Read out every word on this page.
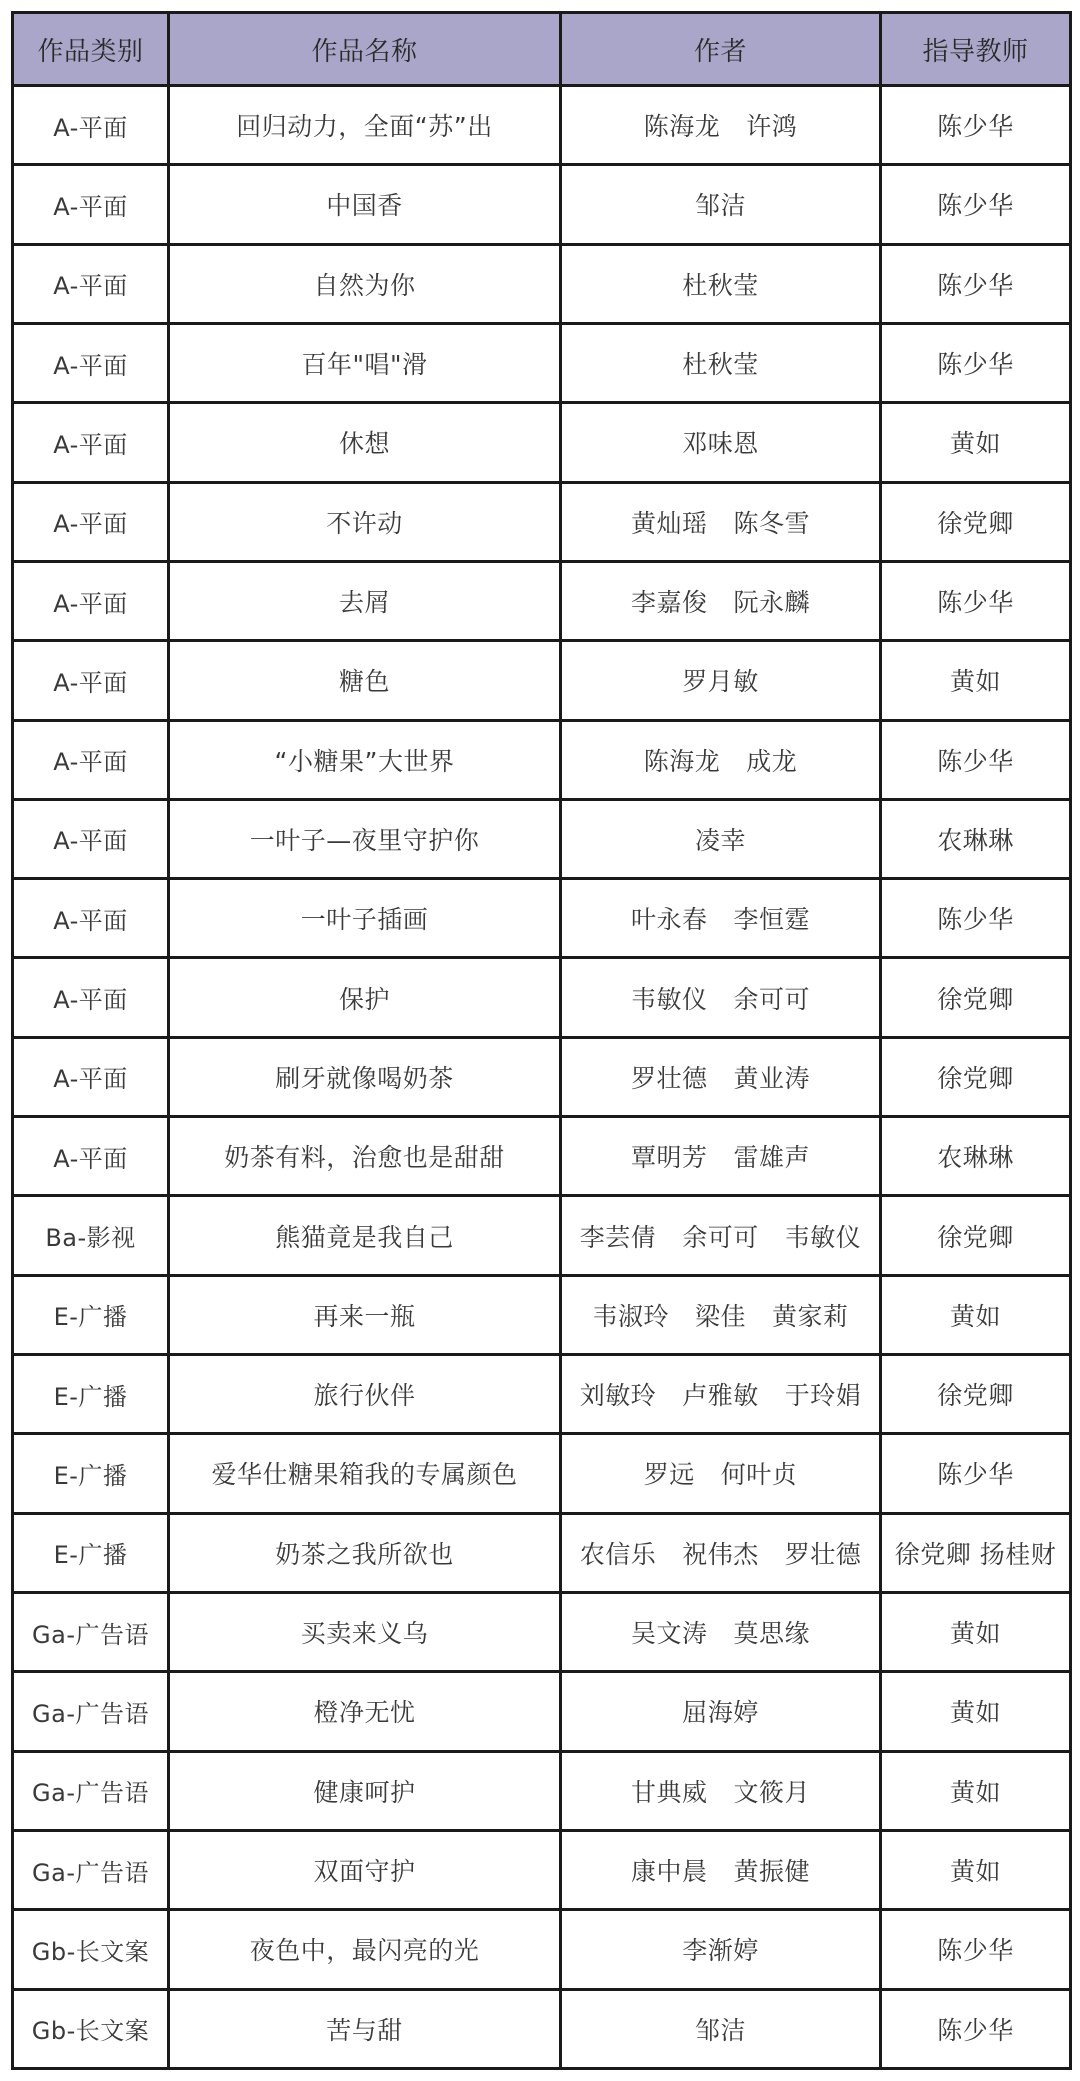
作品类别	作品名称	作者	指导教师
A-平面	回归动力，全面“苏”出	陈海龙 许鸿	陈少华
A-平面	中国香	邹洁	陈少华
A-平面	自然为你	杜秋莹	陈少华
A-平面	百年"唱"滑	杜秋莹	陈少华
A-平面	休想	邓味恩	黄如
A-平面	不许动	黄灿瑶 陈冬雪	徐党卿
A-平面	去屑	李嘉俊 阮永麟	陈少华
A-平面	糖色	罗月敏	黄如
A-平面	“小糖果”大世界	陈海龙 成龙	陈少华
A-平面	一叶子—夜里守护你	凌幸	农琳琳
A-平面	一叶子插画	叶永春 李恒霆	陈少华
A-平面	保护	韦敏仪 余可可	徐党卿
A-平面	刷牙就像喝奶茶	罗壮德 黄业涛	徐党卿
A-平面	奶茶有料，治愈也是甜甜	覃明芳 雷雄声	农琳琳
Ba-影视	熊猫竟是我自己	李芸倩 余可可 韦敏仪	徐党卿
E-广播	再来一瓶	韦淑玲 梁佳 黄家莉	黄如
E-广播	旅行伙伴	刘敏玲 卢雅敏 于玲娟	徐党卿
E-广播	爱华仕糖果箱我的专属颜色	罗远 何叶贞	陈少华
E-广播	奶茶之我所欲也	农信乐 祝伟杰 罗壮德	徐党卿 扬桂财
Ga-广告语	买卖来义乌	吴文涛 莫思缘	黄如
Ga-广告语	橙净无忧	屈海婷	黄如
Ga-广告语	健康呵护	甘典威 文筱月	黄如
Ga-广告语	双面守护	康中晨 黄振健	黄如
Gb-长文案	夜色中，最闪亮的光	李渐婷	陈少华
Gb-长文案	苦与甜	邹洁	陈少华
